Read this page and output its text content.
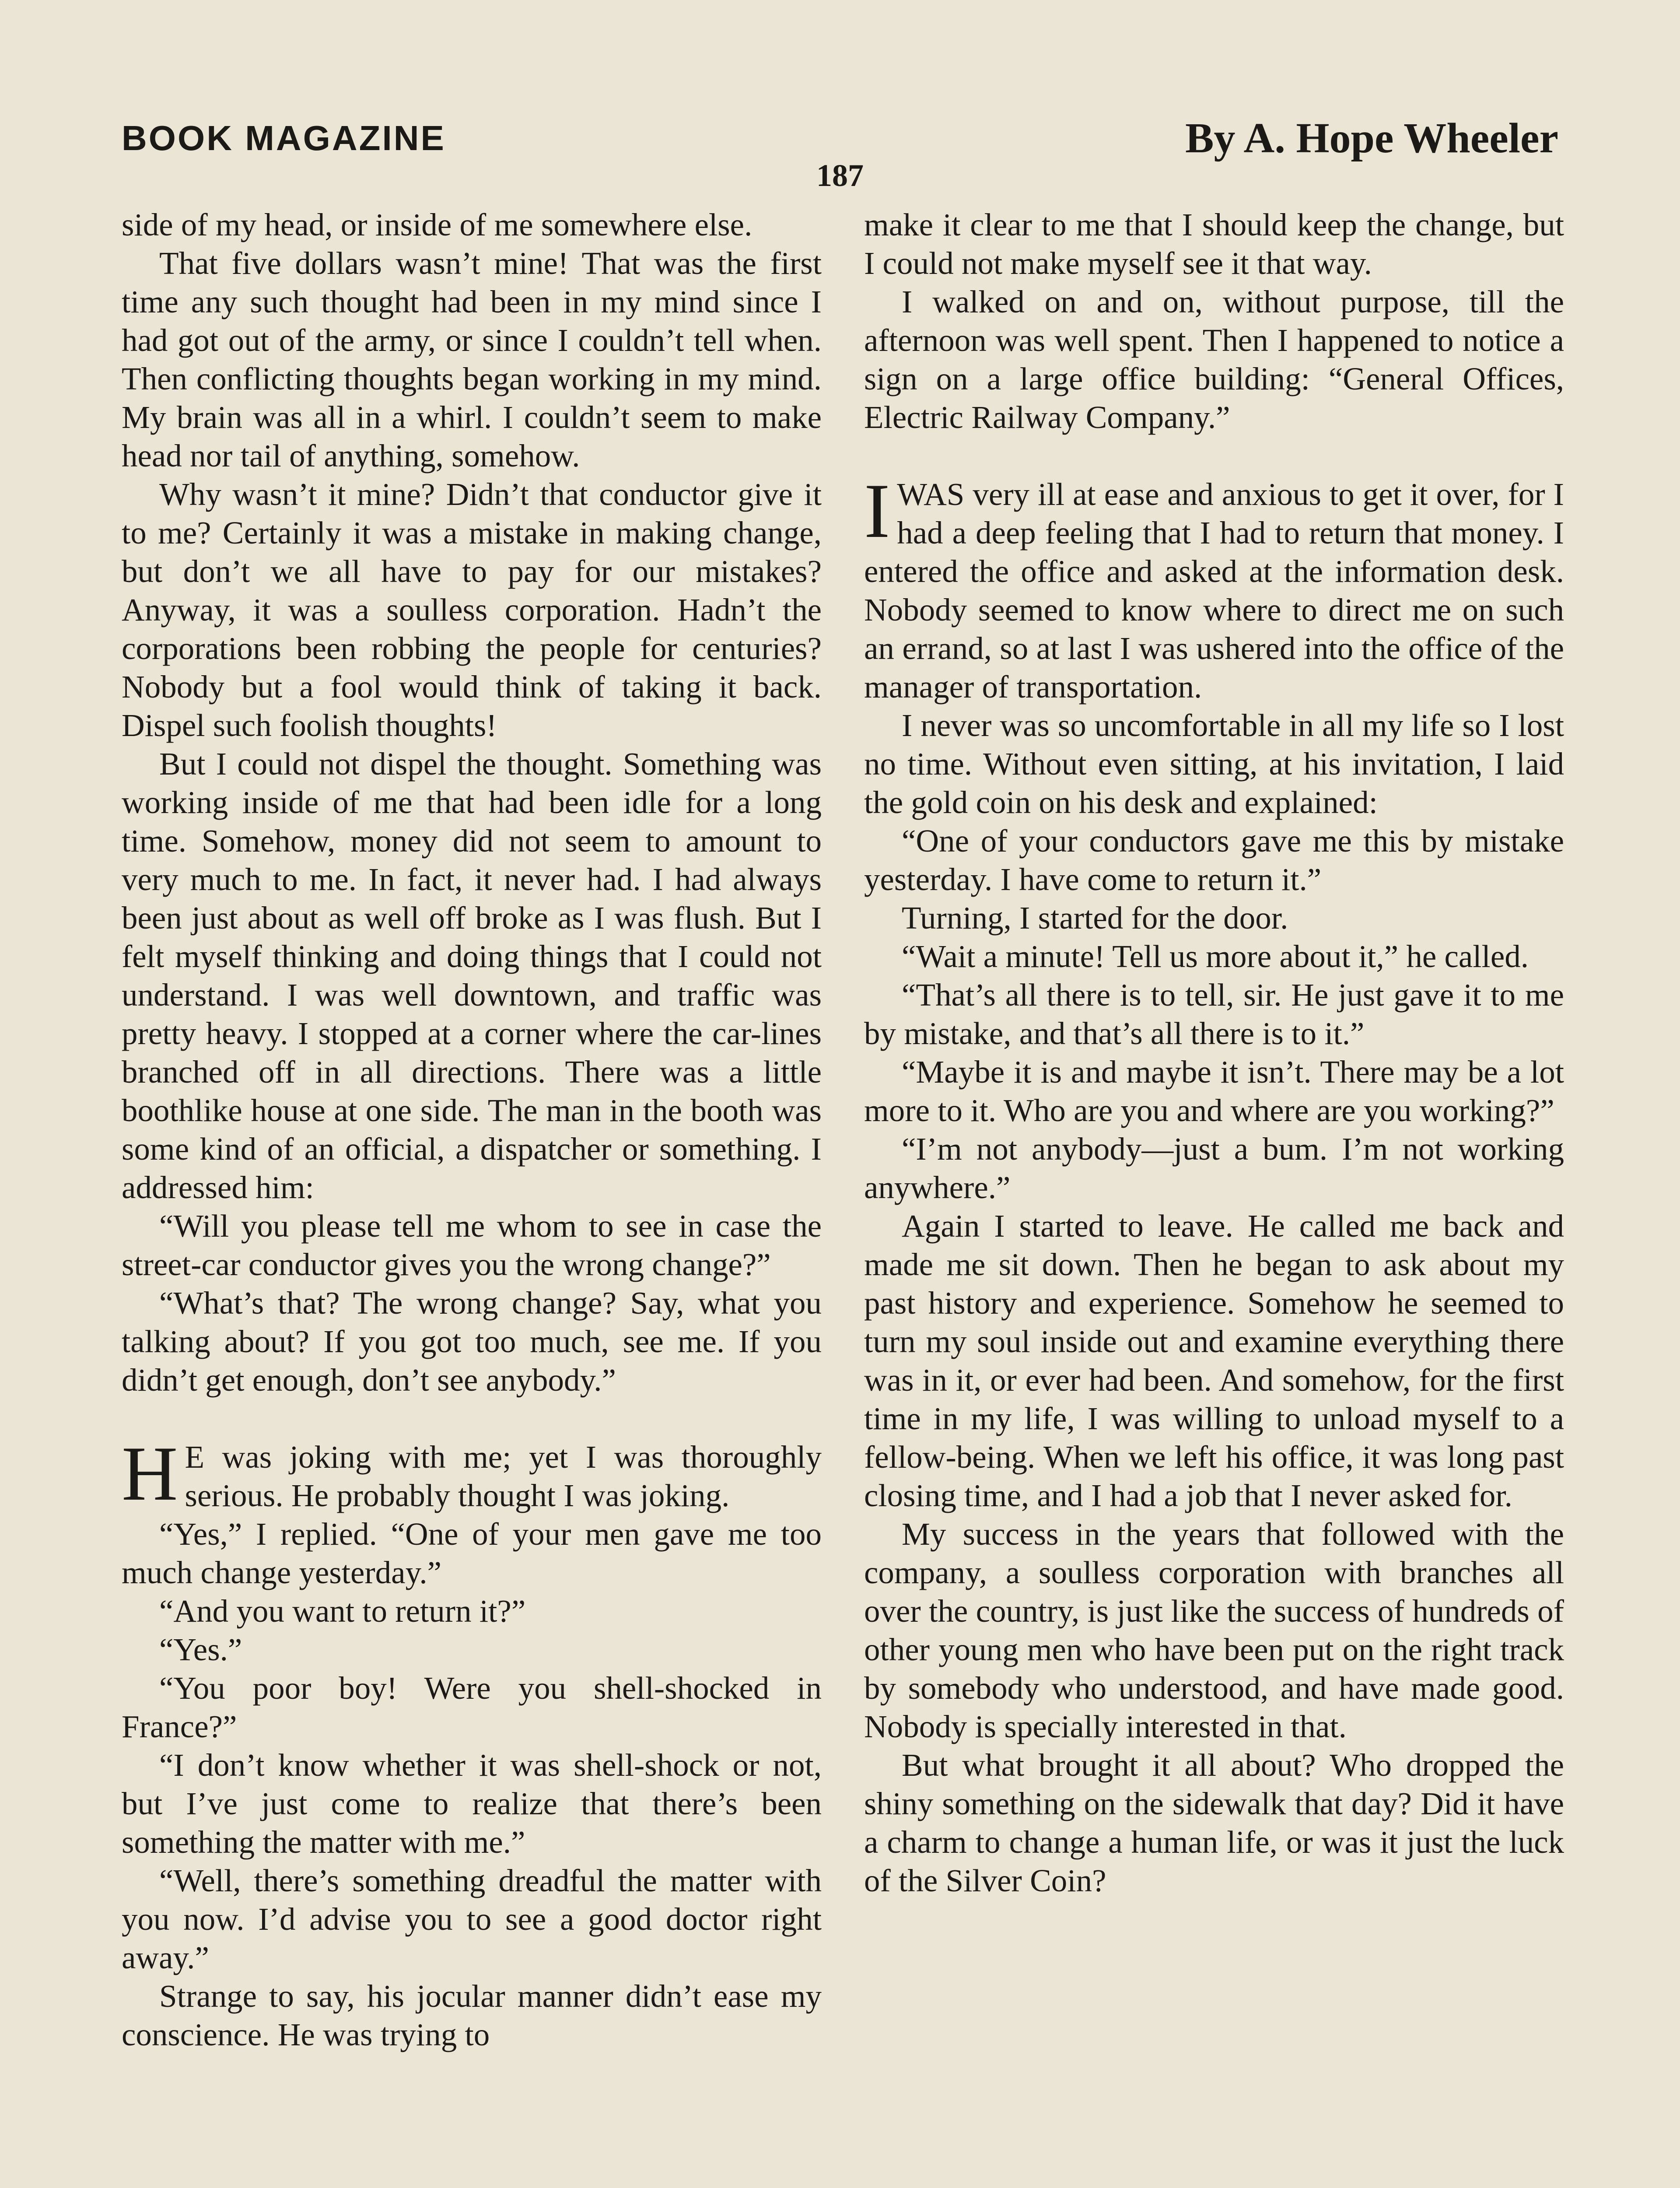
BOOK MAGAZINE	By A. Hope Wheeler
187

side of my head, or inside of me somewhere else.

That five dollars wasn’t mine! That was the first time any such thought had been in my mind since I had got out of the army, or since I couldn’t tell when. Then conflicting thoughts began working in my mind. My brain was all in a whirl. I couldn’t seem to make head nor tail of anything, somehow.

Why wasn’t it mine? Didn’t that conductor give it to me? Certainly it was a mistake in making change, but don’t we all have to pay for our mistakes? Anyway, it was a soulless corporation. Hadn’t the corporations been robbing the people for centuries? Nobody but a fool would think of taking it back. Dispel such foolish thoughts!

But I could not dispel the thought. Something was working inside of me that had been idle for a long time. Somehow, money did not seem to amount to very much to me. In fact, it never had. I had always been just about as well off broke as I was flush. But I felt myself thinking and doing things that I could not understand. I was well downtown, and traffic was pretty heavy. I stopped at a corner where the car-lines branched off in all directions. There was a little boothlike house at one side. The man in the booth was some kind of an official, a dispatcher or something. I addressed him:

“Will you please tell me whom to see in case the street-car conductor gives you the wrong change?”

“What’s that? The wrong change? Say, what you talking about? If you got too much, see me. If you didn’t get enough, don’t see anybody.”

H E was joking with me; yet I was thoroughly serious. He probably thought I was joking.

“Yes,” I replied. “One of your men gave me too much change yesterday.”

“And you want to return it?”

“Yes.”

“You poor boy! Were you shell-shocked in France?”

“I don’t know whether it was shell-shock or not, but I’ve just come to realize that there’s been something the matter with me.”

“Well, there’s something dreadful the matter with you now. I’d advise you to see a good doctor right away.”

Strange to say, his jocular manner didn’t ease my conscience. He was trying to

make it clear to me that I should keep the change, but I could not make myself see it that way.

I walked on and on, without purpose, till the afternoon was well spent. Then I happened to notice a sign on a large office building: “General Offices, Electric Railway Company.”

IWAS very ill at ease and anxious to get it over, for I had a deep feeling that I had to return that money. I entered the office and asked at the information desk. Nobody seemed to know where to direct me on such an errand, so at last I was ushered into the office of the manager of transportation.

I never was so uncomfortable in all my life so I lost no time. Without even sitting, at his invitation, I laid the gold coin on his desk and explained:

“One of your conductors gave me this by mistake yesterday. I have come to return it.”

Turning, I started for the door.

“Wait a minute! Tell us more about it,” he called.

“That’s all there is to tell, sir. He just gave it to me by mistake, and that’s all there is to it.”

“Maybe it is and maybe it isn’t. There may be a lot more to it. Who are you and where are you working?”

“I’m not anybody—just a bum. I’m not working anywhere.”

Again I started to leave. He called me back and made me sit down. Then he began to ask about my past history and experience. Somehow he seemed to turn my soul inside out and examine everything there was in it, or ever had been. And somehow, for the first time in my life, I was willing to unload myself to a fellow-being. When we left his office, it was long past closing time, and I had a job that I never asked for.

My success in the years that followed with the company, a soulless corporation with branches all over the country, is just like the success of hundreds of other young men who have been put on the right track by somebody who understood, and have made good. Nobody is specially interested in that.

But what brought it all about? Who dropped the shiny something on the sidewalk that day? Did it have a charm to change a human life, or was it just the luck of the Silver Coin?
